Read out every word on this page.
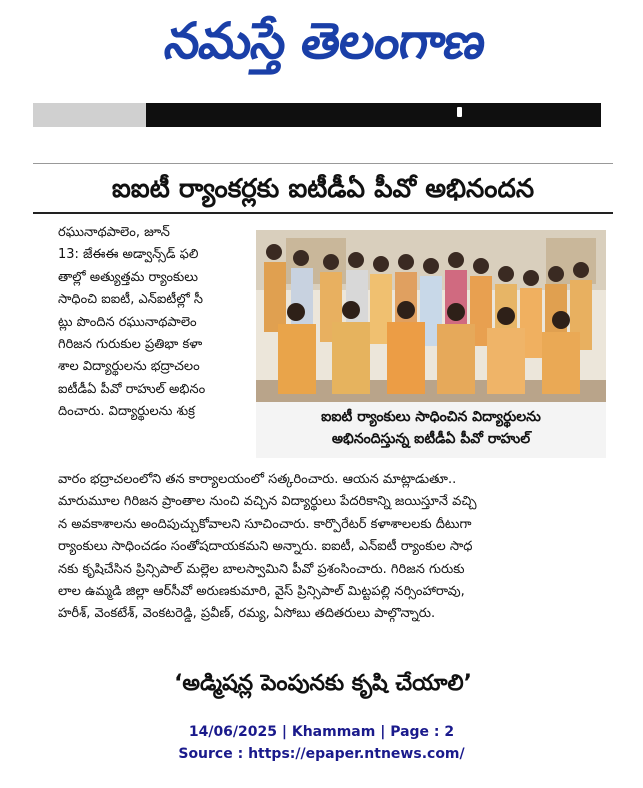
నమస్తే తెలంగాణ
ఐఐటీ ర్యాంకర్లకు ఐటీడీఏ పీవో అభినందన
రఘునాథపాలెం, జూన్
13: జేఈఈ అడ్వాన్స్‌డ్ ఫలి
తాల్లో అత్యుత్తమ ర్యాంకులు
సాధించి ఐఐటీ, ఎన్ఐటీల్లో సీ
ట్లు పొందిన రఘునాథపాలెం
గిరిజన గురుకుల ప్రతిభా కళా
శాల విద్యార్థులను భద్రాచలం
ఐటీడీఏ పీవో రాహుల్ అభినం
దించారు. విద్యార్థులను శుక్ర	ఐఐటీ ర్యాంకులు సాధించిన విద్యార్థులను
అభినందిస్తున్న ఐటీడీఏ పీవో రాహుల్
వారం భద్రాచలంలోని తన కార్యాలయంలో సత్కరించారు. ఆయన మాట్లాడుతూ..
మారుమూల గిరిజన ప్రాంతాల నుంచి వచ్చిన విద్యార్థులు పేదరికాన్ని జయిస్తూనే వచ్చి
న అవకాశాలను అందిపుచ్చుకోవాలని సూచించారు. కార్పొరేటర్ కళాశాలలకు దీటుగా
ర్యాంకులు సాధించడం సంతోషదాయకమని అన్నారు. ఐఐటీ, ఎన్ఐటీ ర్యాంకుల సాధ
నకు కృషిచేసిన ప్రిన్సిపాల్ మల్లెల బాలస్వామిని పీవో ప్రశంసించారు. గిరిజన గురుకు
లాల ఉమ్మడి జిల్లా ఆర్‌సీవో అరుణకుమారి, వైస్ ప్రిన్సిపాల్ మిట్టపల్లి నర్సింహారావు,
హరీశ్, వెంకటేశ్, వెంకటరెడ్డి, ప్రవీణ్, రమ్య, ఏసోబు తదితరులు పాల్గొన్నారు.
‘అడ్మిషన్ల పెంపునకు కృషి చేయాలి’
14/06/2025 | Khammam | Page : 2
Source : https://epaper.ntnews.com/
